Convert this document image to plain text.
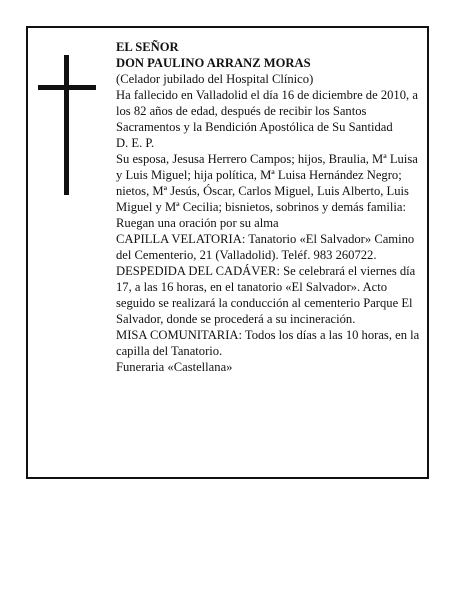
EL SEÑOR

DON PAULINO ARRANZ MORAS

(Celador jubilado del Hospital Clínico)

Ha fallecido en Valladolid el día 16 de diciembre de 2010, a los 82 años de edad, después de recibir los Santos Sacramentos y la Bendición Apostólica de Su Santidad

D. E. P.

Su esposa, Jesusa Herrero Campos; hijos, Braulia, Mª Luisa y Luis Miguel; hija política, Mª Luisa Hernández Negro; nietos, Mª Jesús, Óscar, Carlos Miguel, Luis Alberto, Luis Miguel y Mª Cecilia; bisnietos, sobrinos y demás familia:

Ruegan una oración por su alma

CAPILLA VELATORIA: Tanatorio «El Salvador» Camino del Cementerio, 21 (Valladolid). Teléf. 983 260722.

DESPEDIDA DEL CADÁVER: Se celebrará el viernes día 17, a las 16 horas, en el tanatorio «El Salvador». Acto seguido se realizará la conducción al cementerio Parque El Salvador, donde se procederá a su incineración.

MISA COMUNITARIA: Todos los días a las 10 horas, en la capilla del Tanatorio.

Funeraria «Castellana»
